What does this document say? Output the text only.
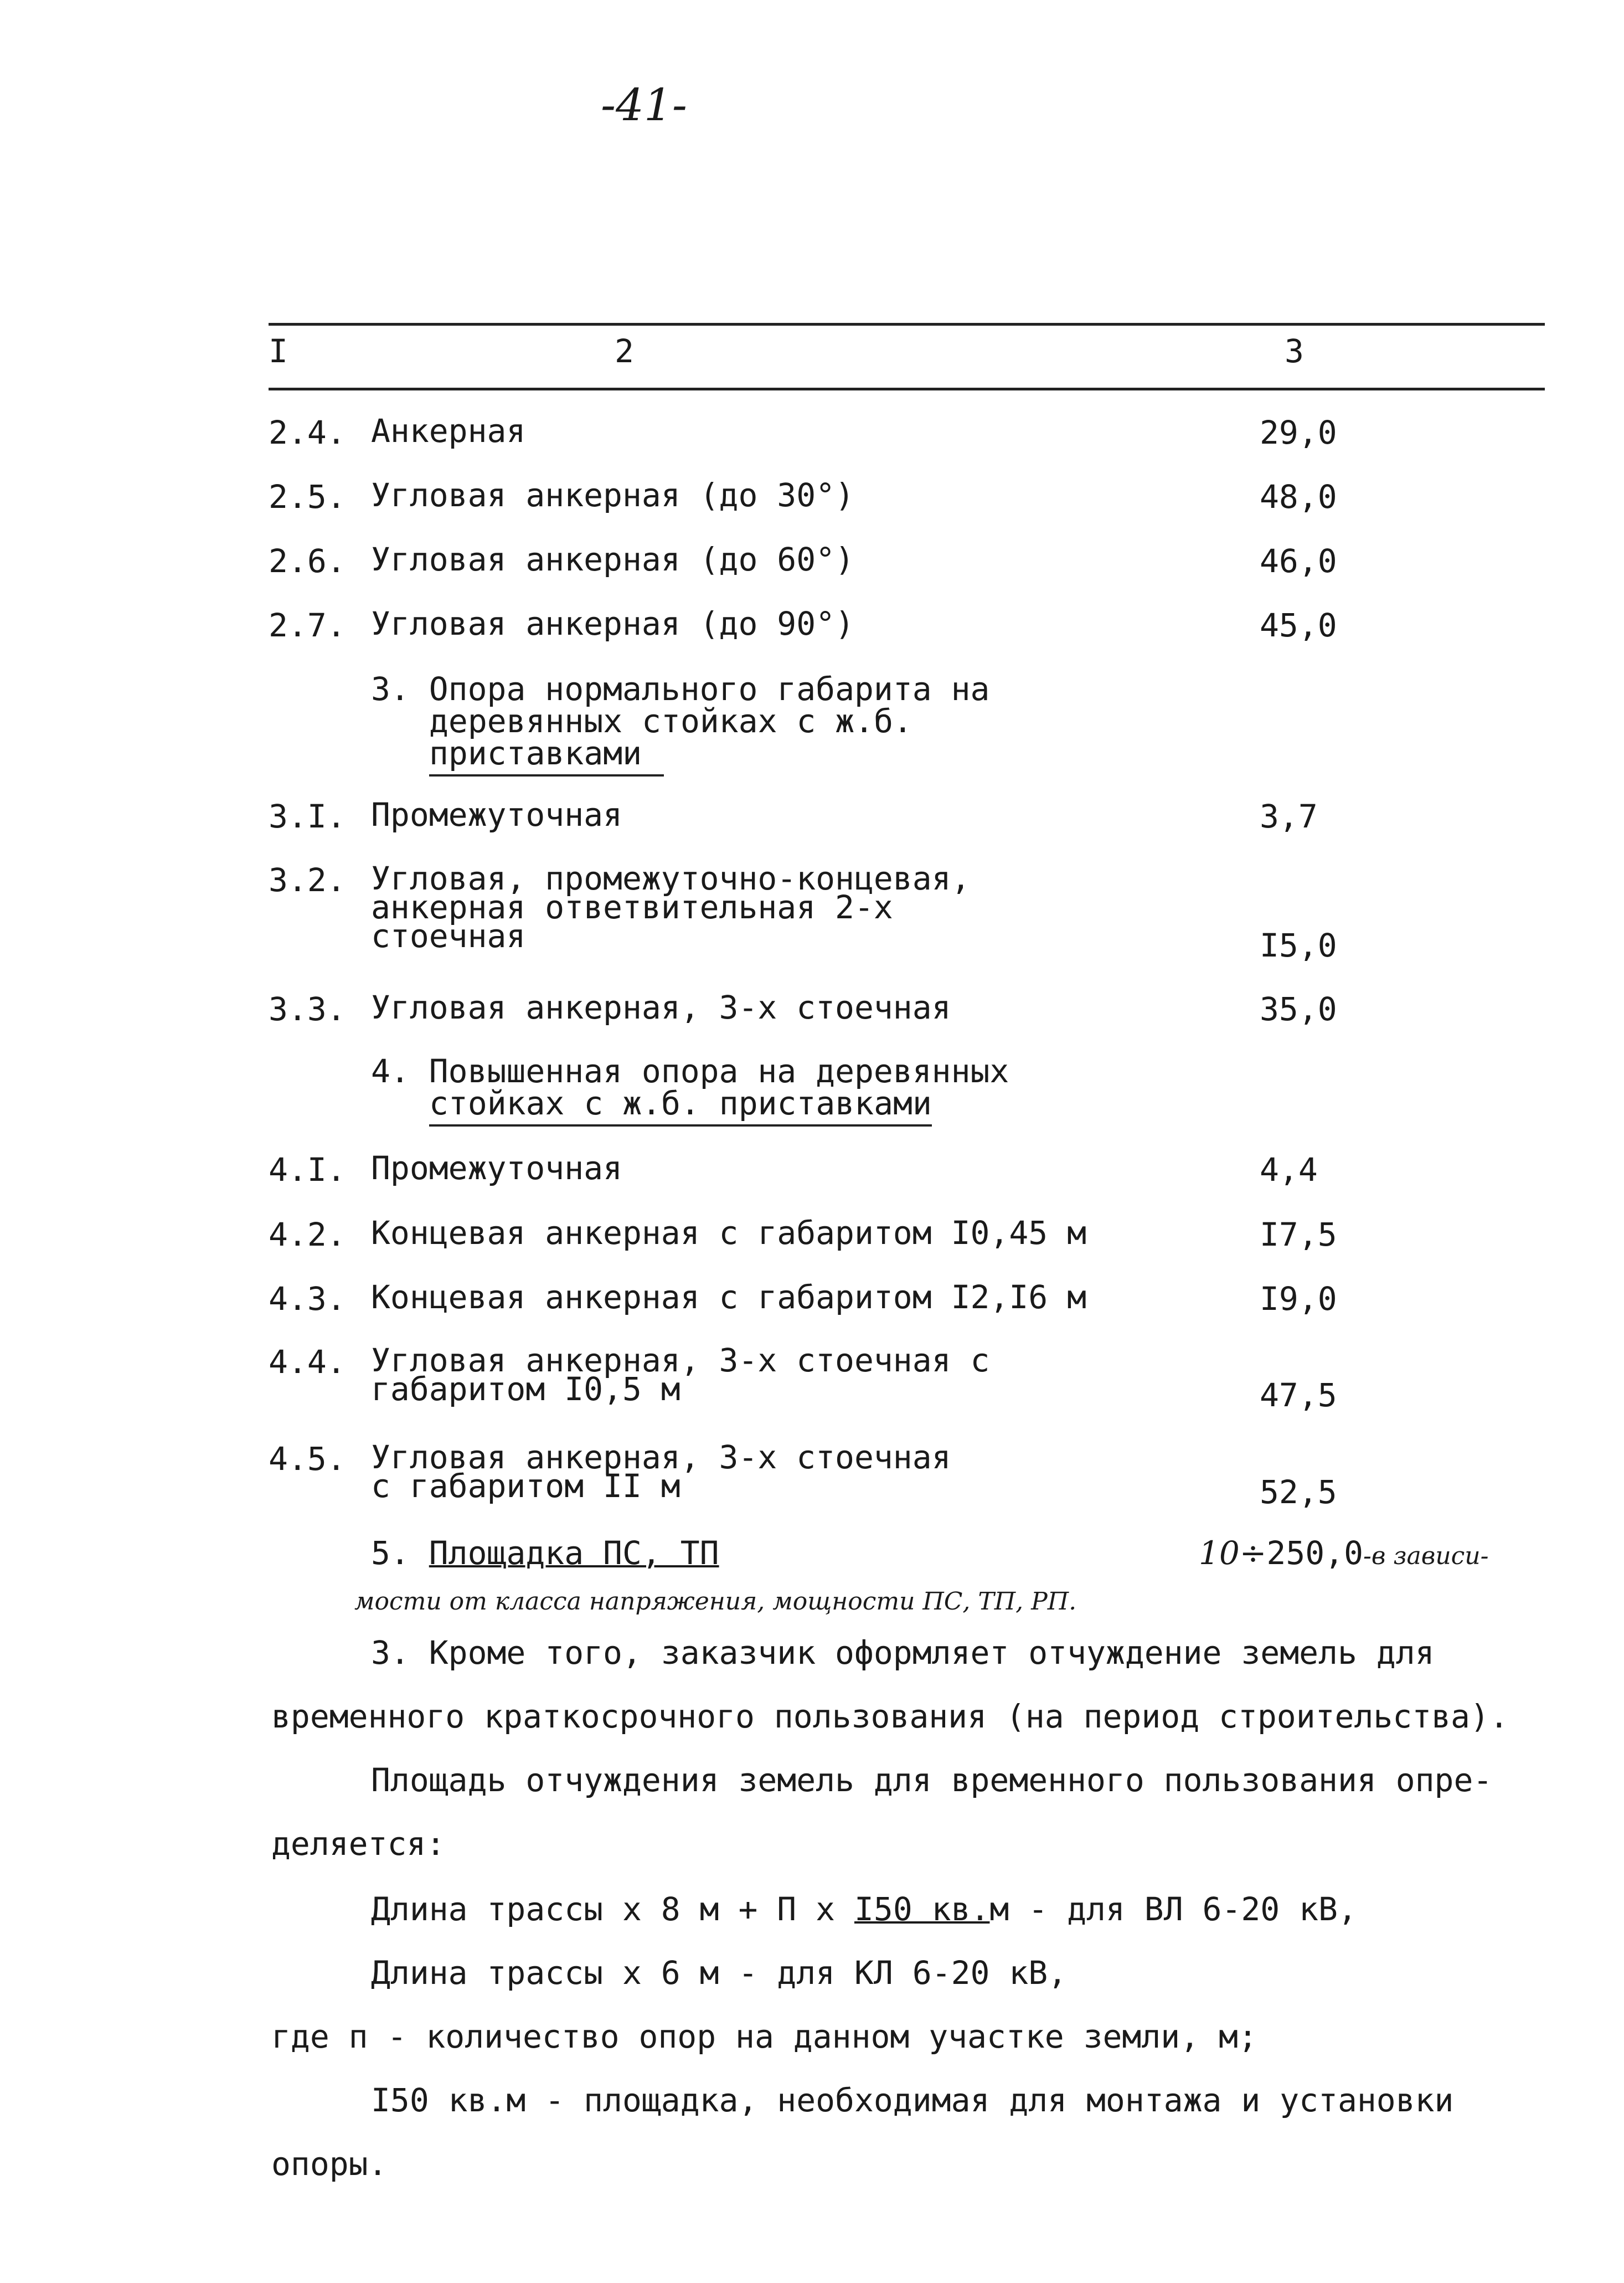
-41-
I	2	3
2.4. Анкерная	29,0
2.5. Угловая анкерная (до 30°)	48,0
2.6. Угловая анкерная (до 60°)	46,0
2.7. Угловая анкерная (до 90°)	45,0
3. Опора нормального габарита на
деревянных стойках с ж.б.
приставками
3.I. Промежуточная	3,7
3.2. Угловая, промежуточно-концевая,
анкерная ответвительная 2-х
стоечная	I5,0
3.3. Угловая анкерная, 3-х стоечная	35,0
4. Повышенная опора на деревянных
стойках с ж.б. приставками
4.I. Промежуточная	4,4
4.2. Концевая анкерная с габаритом I0,45 м	I7,5
4.3. Концевая анкерная с габаритом I2,I6 м	I9,0
4.4. Угловая анкерная, 3-х стоечная с
габаритом I0,5 м	47,5
4.5. Угловая анкерная, 3-х стоечная
с габаритом II м	52,5
5. Площадка ПС, ТП	10÷250,0-в зависи-
мости от класса напряжения, мощности ПС, ТП, РП.
3. Кроме того, заказчик оформляет отчуждение земель для
временного краткосрочного пользования (на период строительства).
Площадь отчуждения земель для временного пользования опре-
деляется:
Длина трассы х 8 м + П х I50 кв.м - для ВЛ 6-20 кВ,
Длина трассы х 6 м - для КЛ 6-20 кВ,
где п - количество опор на данном участке земли, м;
I50 кв.м - площадка, необходимая для монтажа и установки
опоры.
